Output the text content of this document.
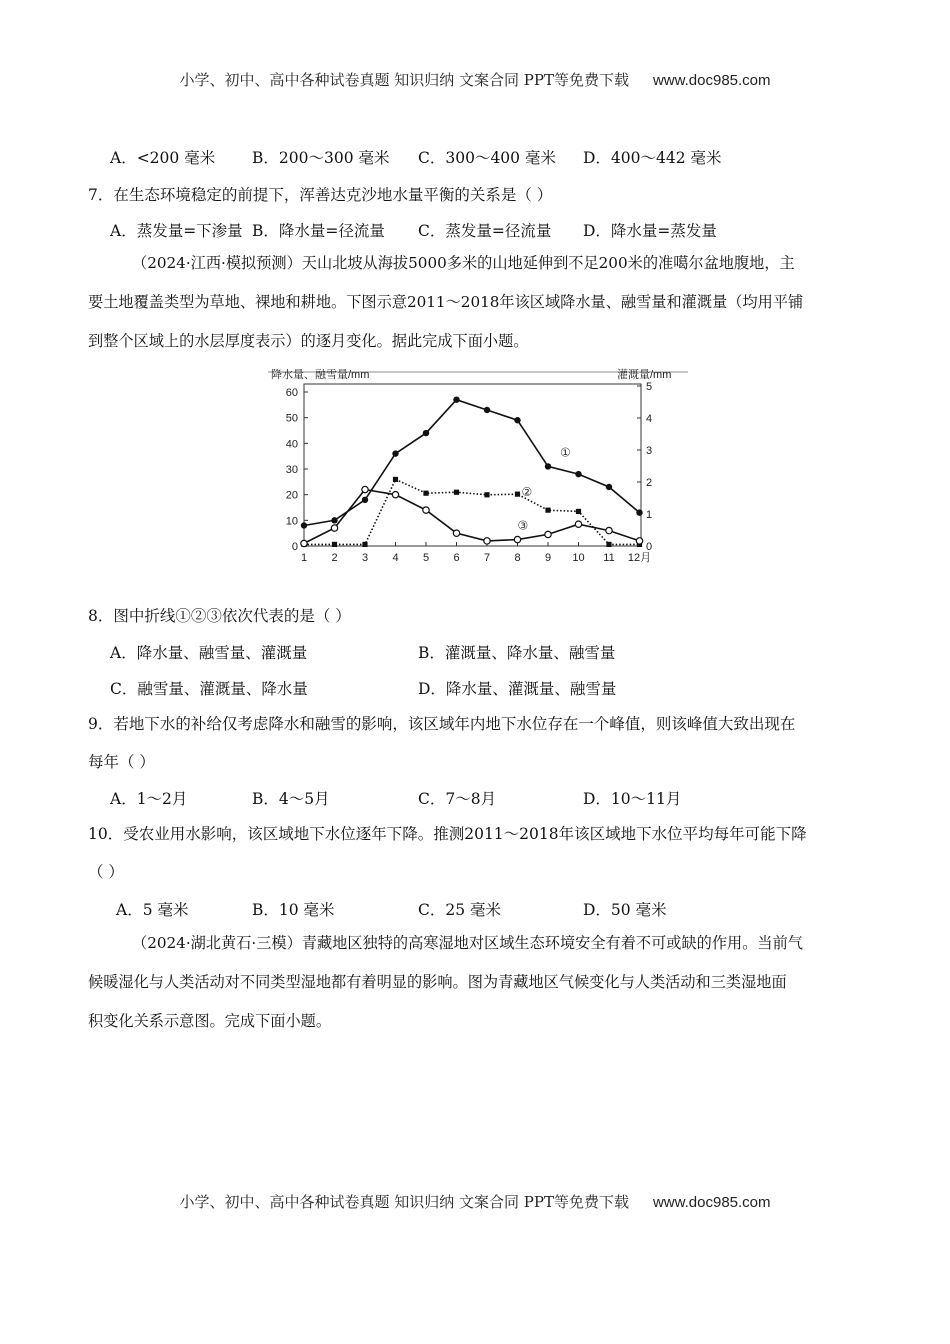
小学、初中、高中各种试卷真题 知识归纳 文案合同 PPT等免费下载 www.doc985.com
A．<200 毫米 B．200～300 毫米 C．300～400 毫米 D．400～442 毫米
7．在生态环境稳定的前提下，浑善达克沙地水量平衡的关系是（ ）
A．蒸发量=下渗量 B．降水量=径流量 C．蒸发量=径流量 D．降水量=蒸发量
（2024·江西·模拟预测）天山北坡从海拔5000多米的山地延伸到不足200米的准噶尔盆地腹地，主
要土地覆盖类型为草地、裸地和耕地。下图示意2011～2018年该区域降水量、融雪量和灌溉量（均用平铺
到整个区域上的水层厚度表示）的逐月变化。据此完成下面小题。
0
10
20
30
40
50
60
0
1
2
3
4
5
1 2 3 4 5 6 7 8 9 10 11 12月
①
②
③
降水量、融雪量/mm	灌溉量/mm
8．图中折线①②③依次代表的是（ ）
A．降水量、融雪量、灌溉量	B．灌溉量、降水量、融雪量
C．融雪量、灌溉量、降水量	D．降水量、灌溉量、融雪量
9．若地下水的补给仅考虑降水和融雪的影响，该区域年内地下水位存在一个峰值，则该峰值大致出现在
每年（ ）
A．1～2月	B．4～5月	C．7～8月	D．10～11月
10．受农业用水影响，该区域地下水位逐年下降。推测2011～2018年该区域地下水位平均每年可能下降
（ ）
A．5 毫米	B．10 毫米	C．25 毫米	D．50 毫米
（2024·湖北黄石·三模）青藏地区独特的高寒湿地对区域生态环境安全有着不可或缺的作用。当前气
候暖湿化与人类活动对不同类型湿地都有着明显的影响。图为青藏地区气候变化与人类活动和三类湿地面
积变化关系示意图。完成下面小题。
小学、初中、高中各种试卷真题 知识归纳 文案合同 PPT等免费下载 www.doc985.com
